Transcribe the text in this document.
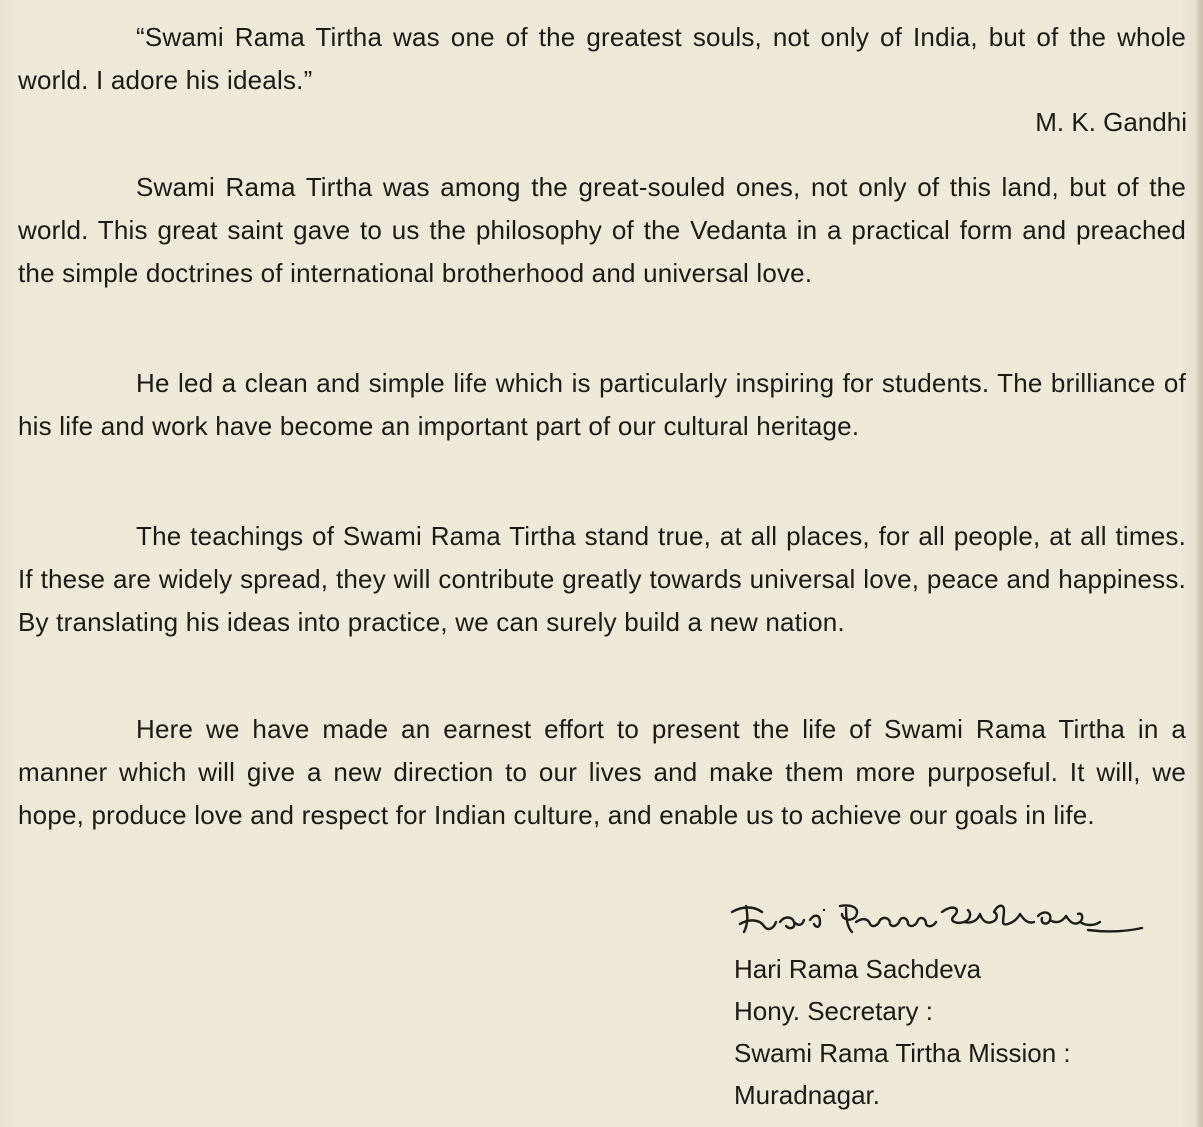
“Swami Rama Tirtha was one of the greatest souls, not only of India, but of the whole world. I adore his ideals.”

M. K. Gandhi

Swami Rama Tirtha was among the great-souled ones, not only of this land, but of the world. This great saint gave to us the philosophy of the Vedanta in a practical form and preached the simple doctrines of international brotherhood and universal love.

He led a clean and simple life which is particularly inspiring for students. The brilliance of his life and work have become an important part of our cultural heritage.

The teachings of Swami Rama Tirtha stand true, at all places, for all people, at all times. If these are widely spread, they will contribute greatly towards universal love, peace and happiness. By translating his ideas into practice, we can surely build a new nation.

Here we have made an earnest effort to present the life of Swami Rama Tirtha in a manner which will give a new direction to our lives and make them more purposeful. It will, we hope, produce love and respect for Indian culture, and enable us to achieve our goals in life.

Hari Rama Sachdeva
Hony. Secretary :
Swami Rama Tirtha Mission :
Muradnagar.
